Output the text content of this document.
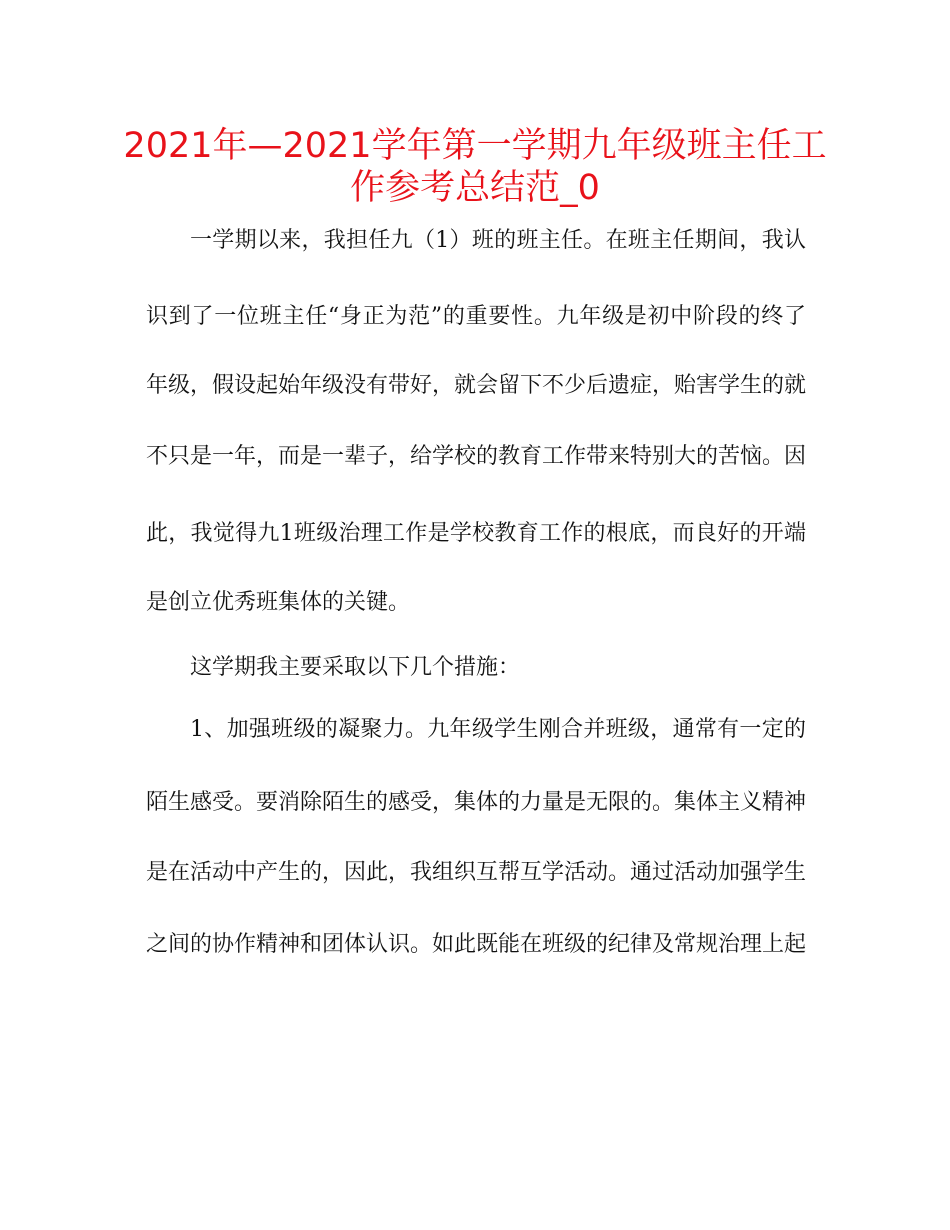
2021年—2021学年第一学期九年级班主任工
作参考总结范_0
一学期以来，我担任九（1）班的班主任。在班主任期间，我认
识到了一位班主任“身正为范”的重要性。九年级是初中阶段的终了
年级，假设起始年级没有带好，就会留下不少后遗症，贻害学生的就
不只是一年，而是一辈子，给学校的教育工作带来特别大的苦恼。因
此，我觉得九1班级治理工作是学校教育工作的根底，而良好的开端
是创立优秀班集体的关键。
这学期我主要采取以下几个措施：
1、加强班级的凝聚力。九年级学生刚合并班级，通常有一定的
陌生感受。要消除陌生的感受，集体的力量是无限的。集体主义精神
是在活动中产生的，因此，我组织互帮互学活动。通过活动加强学生
之间的协作精神和团体认识。如此既能在班级的纪律及常规治理上起
